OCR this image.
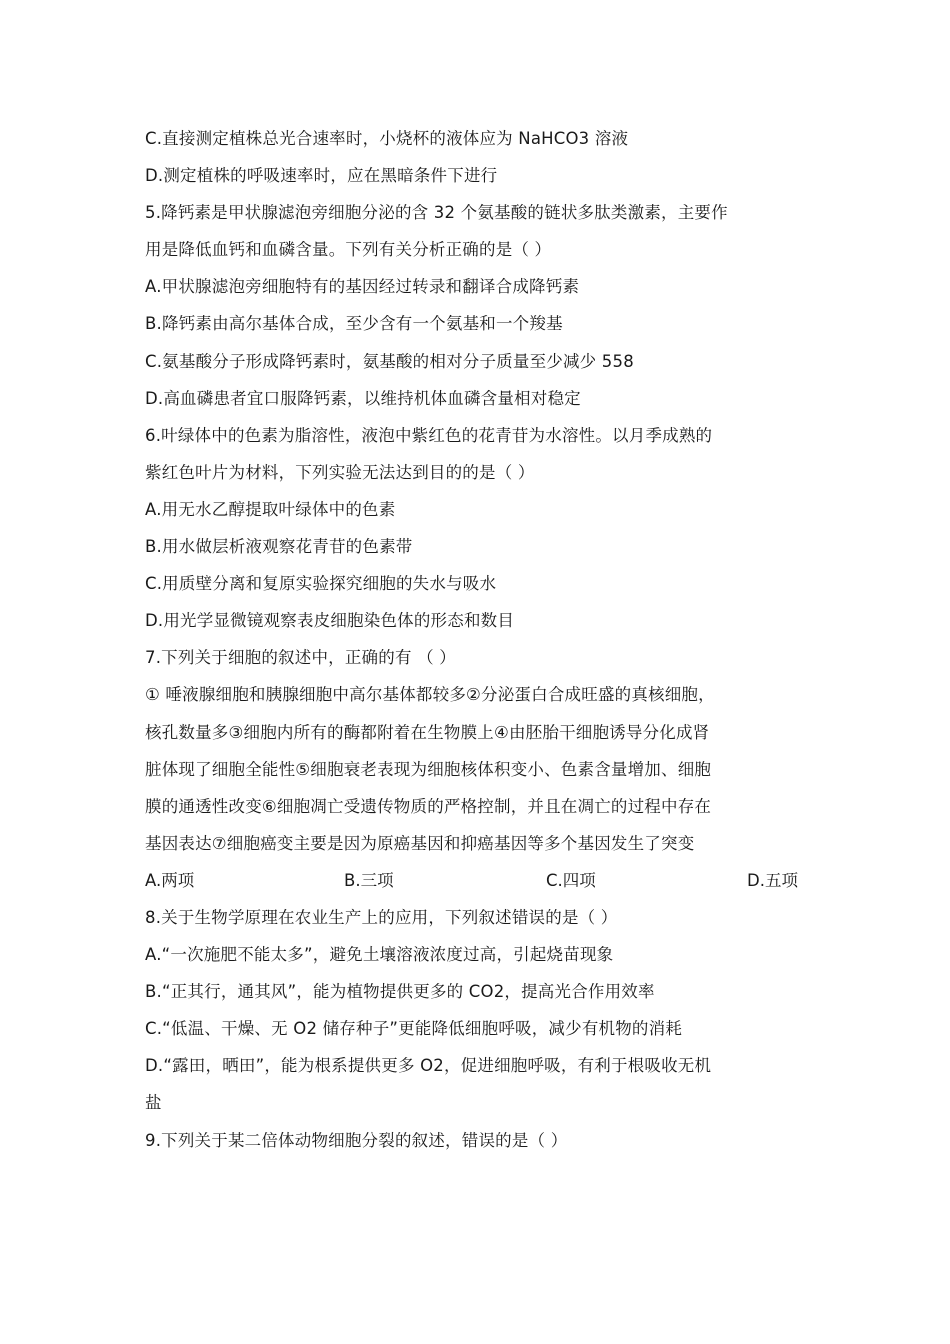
C.直接测定植株总光合速率时，小烧杯的液体应为 NaHCO3 溶液
D.测定植株的呼吸速率时，应在黑暗条件下进行
5.降钙素是甲状腺滤泡旁细胞分泌的含 32 个氨基酸的链状多肽类激素，主要作
用是降低血钙和血磷含量。下列有关分析正确的是（ ）
A.甲状腺滤泡旁细胞特有的基因经过转录和翻译合成降钙素
B.降钙素由高尔基体合成，至少含有一个氨基和一个羧基
C.氨基酸分子形成降钙素时，氨基酸的相对分子质量至少减少 558
D.高血磷患者宜口服降钙素，以维持机体血磷含量相对稳定
6.叶绿体中的色素为脂溶性，液泡中紫红色的花青苷为水溶性。以月季成熟的
紫红色叶片为材料，下列实验无法达到目的的是（ ）
A.用无水乙醇提取叶绿体中的色素
B.用水做层析液观察花青苷的色素带
C.用质壁分离和复原实验探究细胞的失水与吸水
D.用光学显微镜观察表皮细胞染色体的形态和数目
7.下列关于细胞的叙述中，正确的有 （ ）
① 唾液腺细胞和胰腺细胞中高尔基体都较多②分泌蛋白合成旺盛的真核细胞，
核孔数量多③细胞内所有的酶都附着在生物膜上④由胚胎干细胞诱导分化成肾
脏体现了细胞全能性⑤细胞衰老表现为细胞核体积变小、色素含量增加、细胞
膜的通透性改变⑥细胞凋亡受遗传物质的严格控制，并且在凋亡的过程中存在
基因表达⑦细胞癌变主要是因为原癌基因和抑癌基因等多个基因发生了突变
A.两项	B.三项	C.四项	D.五项
8.关于生物学原理在农业生产上的应用，下列叙述错误的是（ ）
A.“一次施肥不能太多”，避免土壤溶液浓度过高，引起烧苗现象
B.“正其行，通其风”，能为植物提供更多的 CO2，提高光合作用效率
C.“低温、干燥、无 O2 储存种子”更能降低细胞呼吸，减少有机物的消耗
D.“露田，晒田”，能为根系提供更多 O2，促进细胞呼吸，有利于根吸收无机
盐
9.下列关于某二倍体动物细胞分裂的叙述，错误的是（ ）
